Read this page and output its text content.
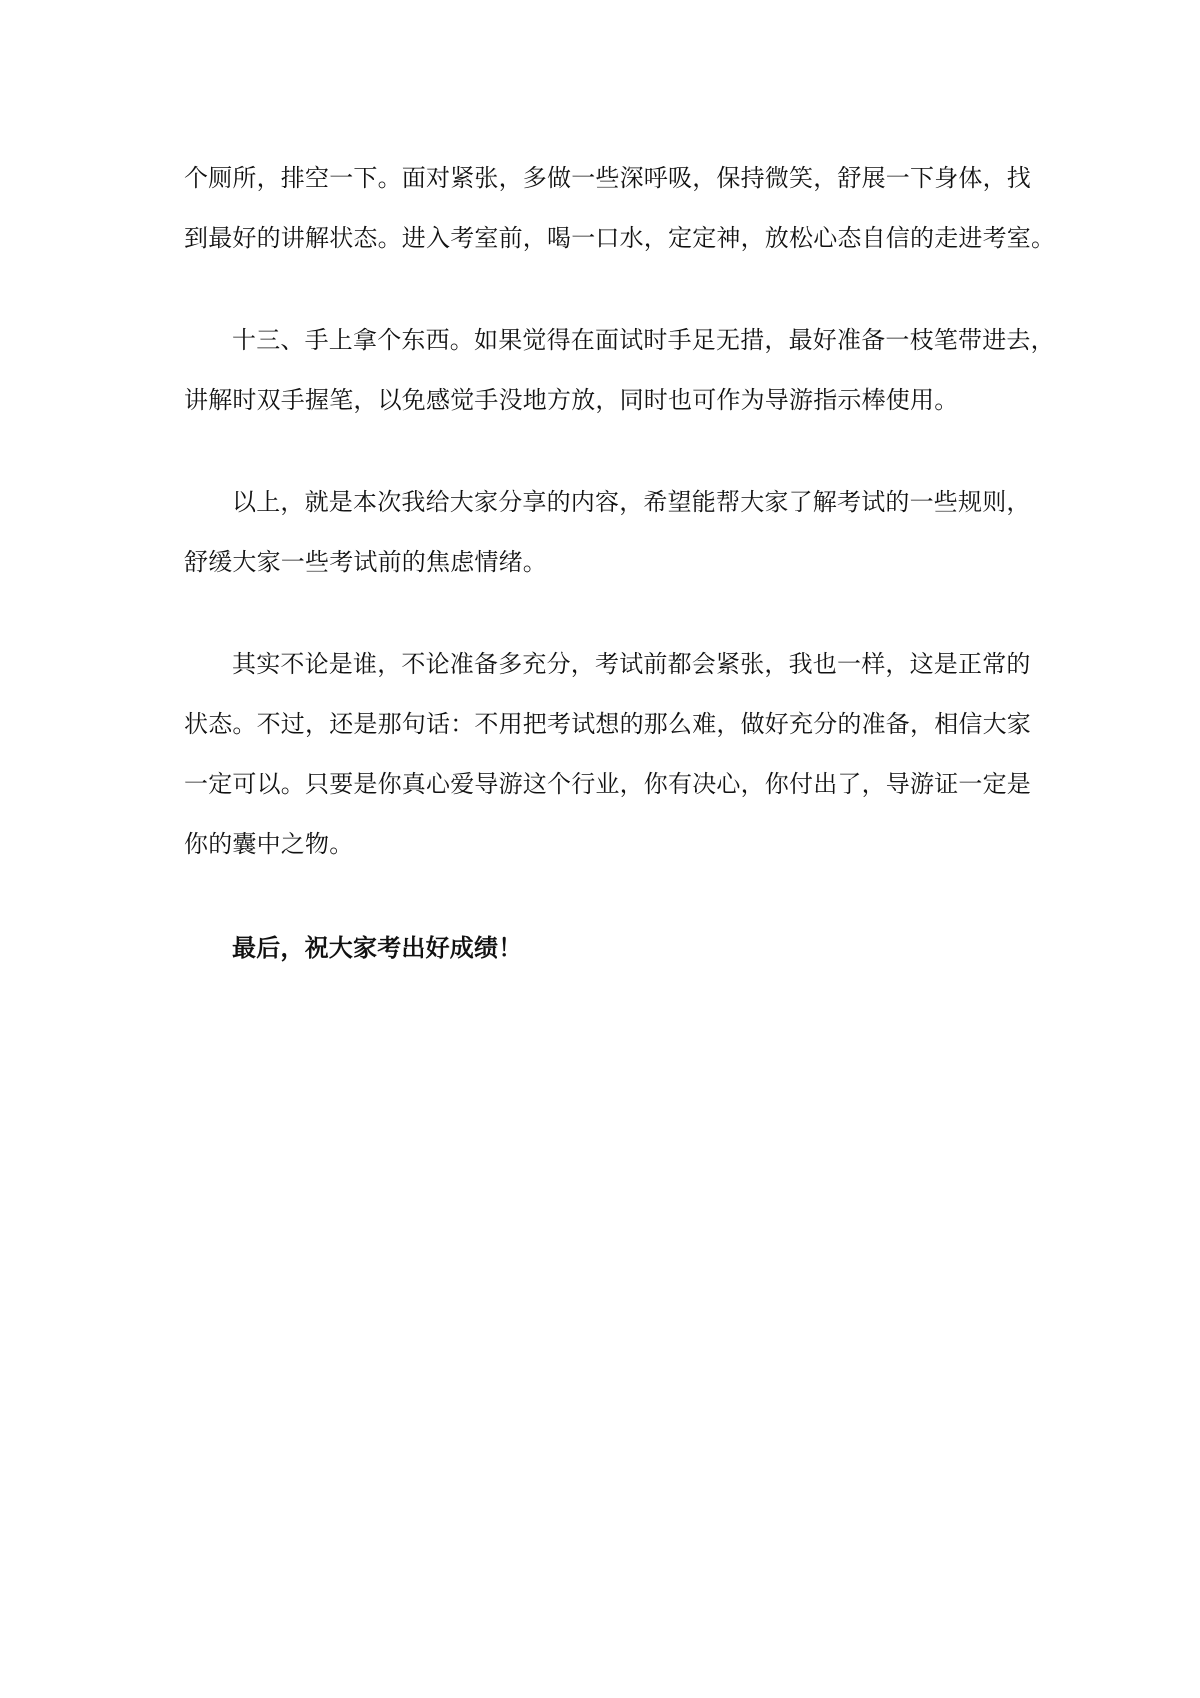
个厕所，排空一下。面对紧张，多做一些深呼吸，保持微笑，舒展一下身体，找
到最好的讲解状态。进入考室前，喝一口水，定定神，放松心态自信的走进考室。
十三、手上拿个东西。如果觉得在面试时手足无措，最好准备一枝笔带进去，
讲解时双手握笔，以免感觉手没地方放，同时也可作为导游指示棒使用。
以上，就是本次我给大家分享的内容，希望能帮大家了解考试的一些规则，
舒缓大家一些考试前的焦虑情绪。
其实不论是谁，不论准备多充分，考试前都会紧张，我也一样，这是正常的
状态。不过，还是那句话：不用把考试想的那么难，做好充分的准备，相信大家
一定可以。只要是你真心爱导游这个行业，你有决心，你付出了，导游证一定是
你的囊中之物。
最后，祝大家考出好成绩！
